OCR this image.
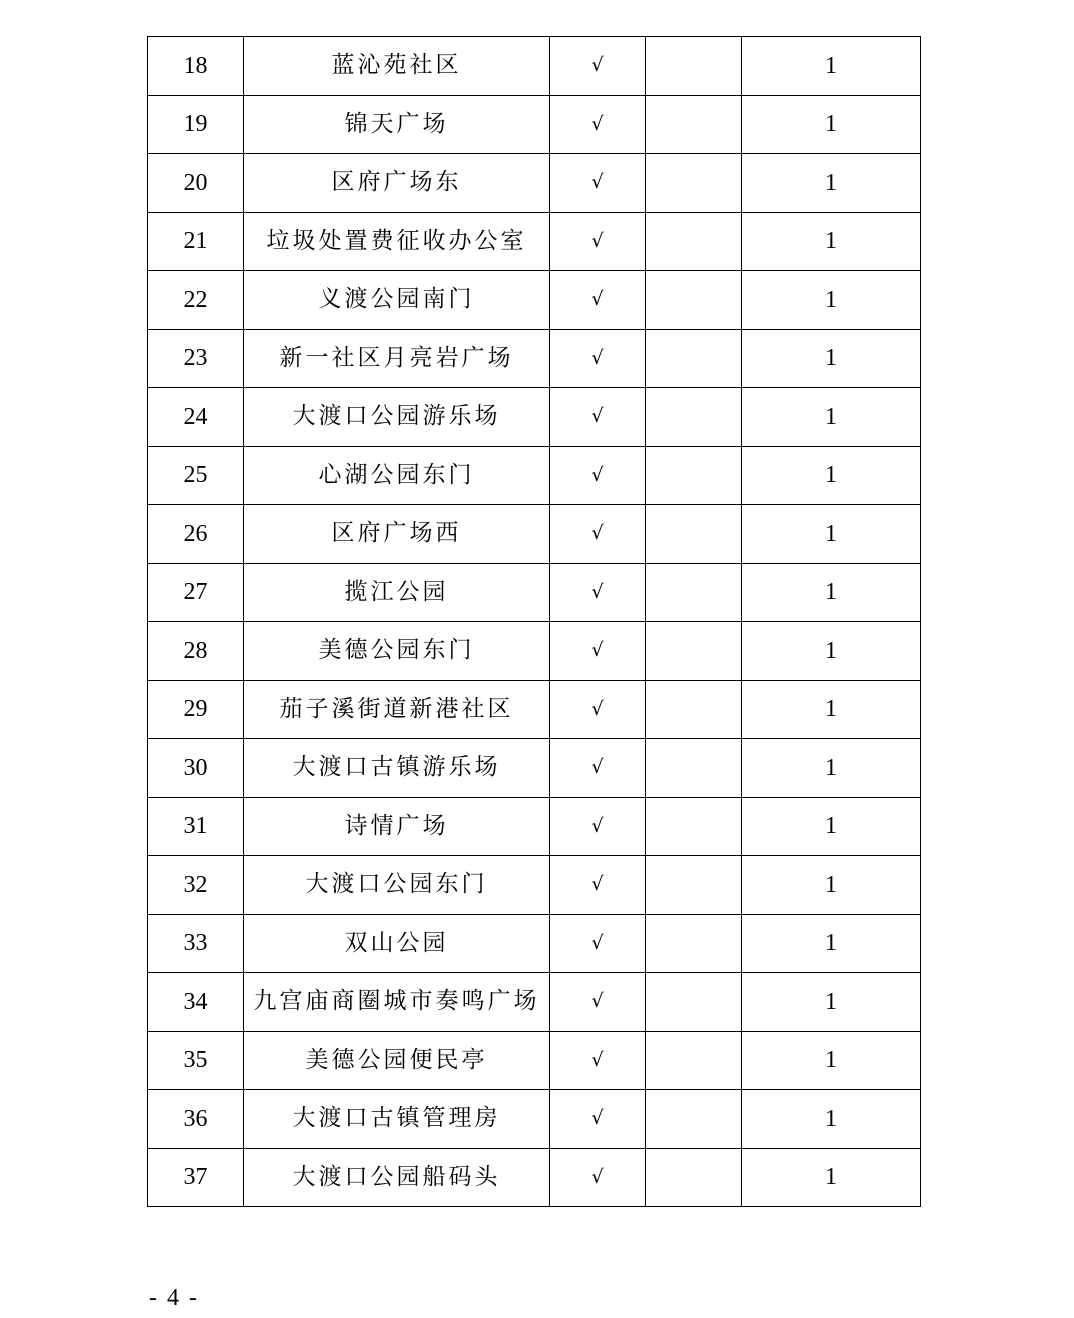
18	蓝沁苑社区	√		1
19	锦天广场	√		1
20	区府广场东	√		1
21	垃圾处置费征收办公室	√		1
22	义渡公园南门	√		1
23	新一社区月亮岩广场	√		1
24	大渡口公园游乐场	√		1
25	心湖公园东门	√		1
26	区府广场西	√		1
27	揽江公园	√		1
28	美德公园东门	√		1
29	茄子溪街道新港社区	√		1
30	大渡口古镇游乐场	√		1
31	诗情广场	√		1
32	大渡口公园东门	√		1
33	双山公园	√		1
34	九宫庙商圈城市奏鸣广场	√		1
35	美德公园便民亭	√		1
36	大渡口古镇管理房	√		1
37	大渡口公园船码头	√		1
- 4 -
